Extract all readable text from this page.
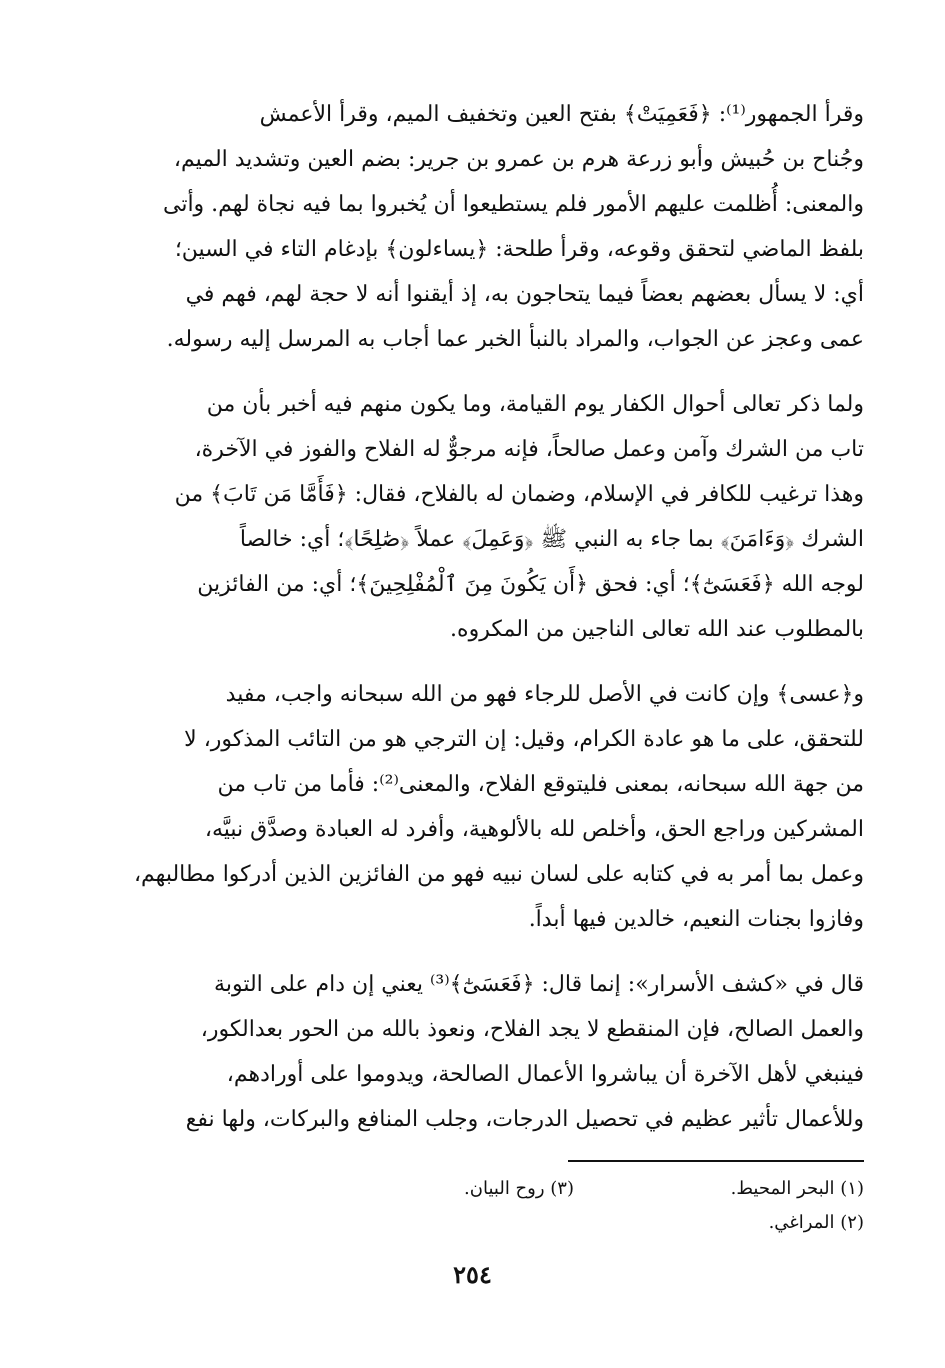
وقرأ الجمهور⁽¹⁾: ﴿فَعَمِيَتْ﴾ بفتح العين وتخفيف الميم، وقرأ الأعمش

وجُناح بن حُبيش وأبو زرعة هرم بن عمرو بن جرير: بضم العين وتشديد الميم،

والمعنى: أُظلمت عليهم الأمور فلم يستطيعوا أن يُخبروا بما فيه نجاة لهم. وأتى

بلفظ الماضي لتحقق وقوعه، وقرأ طلحة: ﴿يساءلون﴾ بإدغام التاء في السين؛

أي: لا يسأل بعضهم بعضاً فيما يتحاجون به، إذ أيقنوا أنه لا حجة لهم، فهم في

عمى وعجز عن الجواب، والمراد بالنبأ الخبر عما أجاب به المرسل إليه رسوله.

ولما ذكر تعالى أحوال الكفار يوم القيامة، وما يكون منهم فيه أخبر بأن من

تاب من الشرك وآمن وعمل صالحاً، فإنه مرجوٌّ له الفلاح والفوز في الآخرة،

وهذا ترغيب للكافر في الإسلام، وضمان له بالفلاح، فقال: ﴿فَأَمَّا مَن تَابَ﴾ من

الشرك ﴿وَءَامَنَ﴾ بما جاء به النبي ﷺ ﴿وَعَمِلَ﴾ عملاً ﴿صَٰلِحًا﴾؛ أي: خالصاً

لوجه الله ﴿فَعَسَىٰٓ﴾؛ أي: فحق ﴿أَن يَكُونَ مِنَ ٱلْمُفْلِحِينَ﴾؛ أي: من الفائزين

بالمطلوب عند الله تعالى الناجين من المكروه.

و﴿عسى﴾ وإن كانت في الأصل للرجاء فهو من الله سبحانه واجب، مفيد

للتحقق، على ما هو عادة الكرام، وقيل: إن الترجي هو من التائب المذكور، لا

من جهة الله سبحانه، بمعنى فليتوقع الفلاح، والمعنى⁽²⁾: فأما من تاب من

المشركين وراجع الحق، وأخلص لله بالألوهية، وأفرد له العبادة وصدَّق نبيَّه،

وعمل بما أمر به في كتابه على لسان نبيه فهو من الفائزين الذين أدركوا مطالبهم،

وفازوا بجنات النعيم، خالدين فيها أبداً.

قال في «كشف الأسرار»: إنما قال: ﴿فَعَسَىٰٓ﴾⁽³⁾ يعني إن دام على التوبة

والعمل الصالح، فإن المنقطع لا يجد الفلاح، ونعوذ بالله من الحور بعدالكور،

فينبغي لأهل الآخرة أن يباشروا الأعمال الصالحة، ويدوموا على أورادهم،

وللأعمال تأثير عظيم في تحصيل الدرجات، وجلب المنافع والبركات، ولها نفع

(١) البحر المحيط.
(٣) روح البيان.
(٢) المراغي.
٢٥٤
